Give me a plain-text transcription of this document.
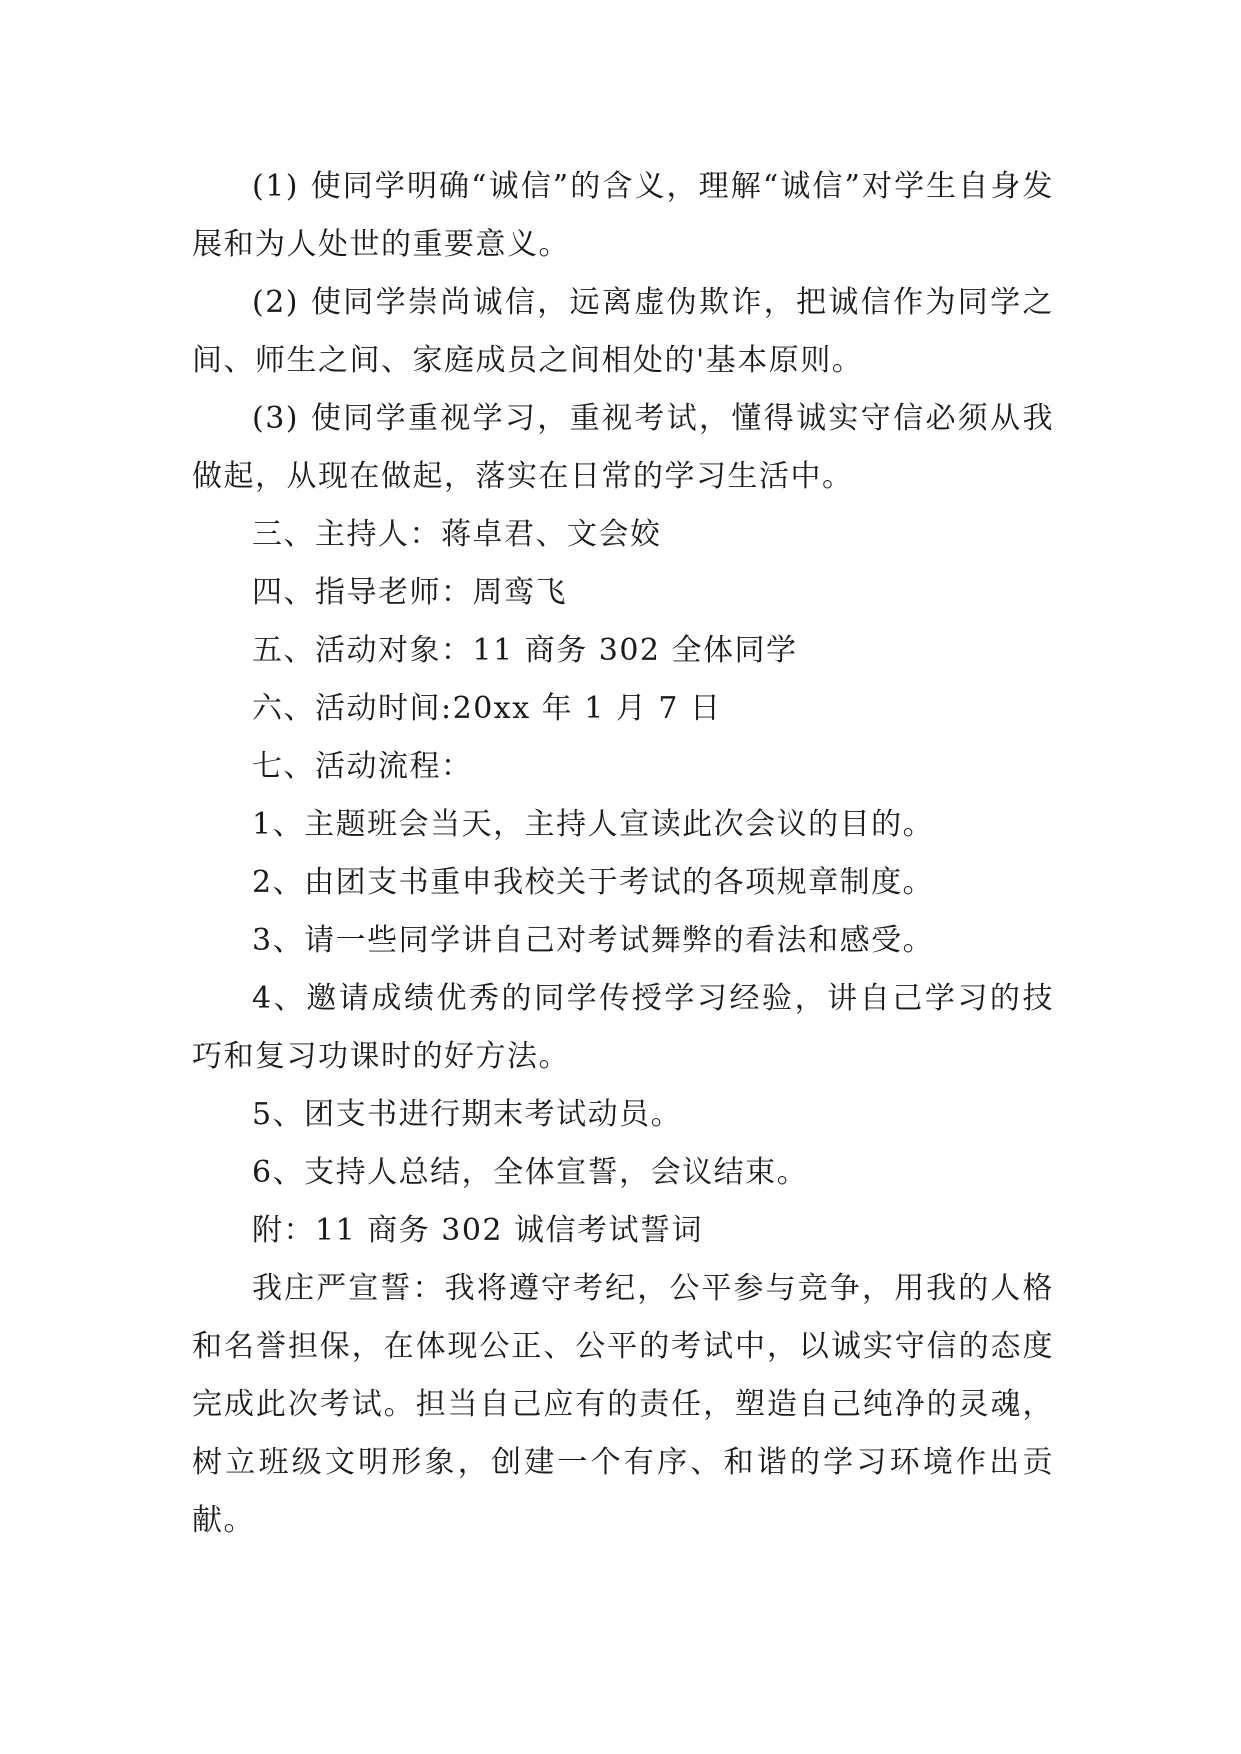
(1) 使同学明确“诚信”的含义，理解“诚信”对学生自身发展和为人处世的重要意义。

(2) 使同学崇尚诚信，远离虚伪欺诈，把诚信作为同学之间、师生之间、家庭成员之间相处的'基本原则。

(3) 使同学重视学习，重视考试，懂得诚实守信必须从我做起，从现在做起，落实在日常的学习生活中。

三、主持人：蒋卓君、文会姣

四、指导老师：周鸾飞

五、活动对象：11 商务 302 全体同学

六、活动时间:20xx 年 1 月 7 日

七、活动流程：

1、主题班会当天，主持人宣读此次会议的目的。

2、由团支书重申我校关于考试的各项规章制度。

3、请一些同学讲自己对考试舞弊的看法和感受。

4、邀请成绩优秀的同学传授学习经验，讲自己学习的技巧和复习功课时的好方法。

5、团支书进行期末考试动员。

6、支持人总结，全体宣誓，会议结束。

附：11 商务 302 诚信考试誓词

我庄严宣誓：我将遵守考纪，公平参与竞争，用我的人格和名誉担保，在体现公正、公平的考试中，以诚实守信的态度完成此次考试。担当自己应有的责任，塑造自己纯净的灵魂，树立班级文明形象，创建一个有序、和谐的学习环境作出贡献。
